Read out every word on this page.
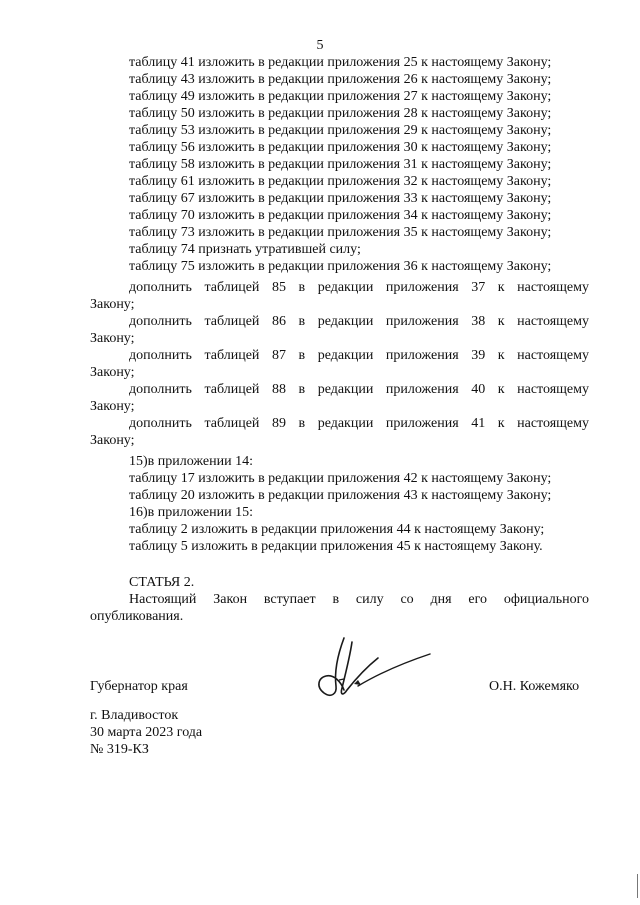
5
таблицу 41 изложить в редакции приложения 25 к настоящему Закону;
таблицу 43 изложить в редакции приложения 26 к настоящему Закону;
таблицу 49 изложить в редакции приложения 27 к настоящему Закону;
таблицу 50 изложить в редакции приложения 28 к настоящему Закону;
таблицу 53 изложить в редакции приложения 29 к настоящему Закону;
таблицу 56 изложить в редакции приложения 30 к настоящему Закону;
таблицу 58 изложить в редакции приложения 31 к настоящему Закону;
таблицу 61 изложить в редакции приложения 32 к настоящему Закону;
таблицу 67 изложить в редакции приложения 33 к настоящему Закону;
таблицу 70 изложить в редакции приложения 34 к настоящему Закону;
таблицу 73 изложить в редакции приложения 35 к настоящему Закону;
таблицу 74 признать утратившей силу;
таблицу 75 изложить в редакции приложения 36 к настоящему Закону;
дополнить таблицей 85 в редакции приложения 37 к настоящему
Закону;
дополнить таблицей 86 в редакции приложения 38 к настоящему
Закону;
дополнить таблицей 87 в редакции приложения 39 к настоящему
Закону;
дополнить таблицей 88 в редакции приложения 40 к настоящему
Закону;
дополнить таблицей 89 в редакции приложения 41 к настоящему
Закону;
15)в приложении 14:
таблицу 17 изложить в редакции приложения 42 к настоящему Закону;
таблицу 20 изложить в редакции приложения 43 к настоящему Закону;
16)в приложении 15:
таблицу 2 изложить в редакции приложения 44 к настоящему Закону;
таблицу 5 изложить в редакции приложения 45 к настоящему Закону.
СТАТЬЯ 2.
Настоящий Закон вступает в силу со дня его официального
опубликования.
Губернатор края	О.Н. Кожемяко
г. Владивосток
30 марта 2023 года
№ 319-КЗ
